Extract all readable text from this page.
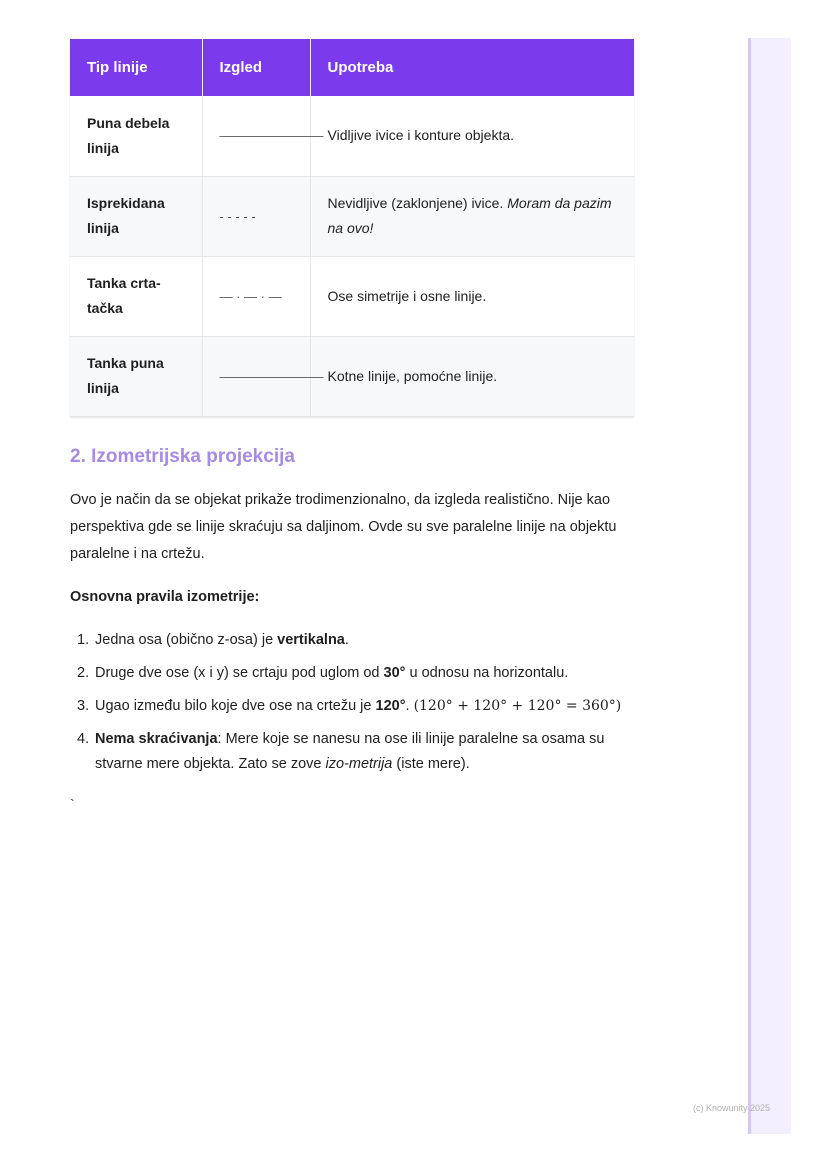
Tip linije	Izgled	Upotreba
Puna debela linija	————————	Vidljive ivice i konture objekta.
Isprekidana linija	- - - - -	Nevidljive (zaklonjene) ivice. Moram da pazim na ovo!
Tanka crta-tačka	— · — · —	Ose simetrije i osne linije.
Tanka puna linija	————————	Kotne linije, pomoćne linije.
2. Izometrijska projekcija

Ovo je način da se objekat prikaže trodimenzionalno, da izgleda realistično. Nije kao perspektiva gde se linije skraćuju sa daljinom. Ovde su sve paralelne linije na objektu paralelne i na crtežu.

Osnovna pravila izometrije:

1. Jedna osa (obično z-osa) je vertikalna.
2. Druge dve ose (x i y) se crtaju pod uglom od 30° u odnosu na horizontalu.
3. Ugao između bilo koje dve ose na crtežu je 120°. (120° + 120° + 120° = 360°)
4. Nema skraćivanja: Mere koje se nanesu na ose ili linije paralelne sa osama su stvarne mere objekta. Zato se zove izo-metrija (iste mere).

`

(c) Knowunity 2025
